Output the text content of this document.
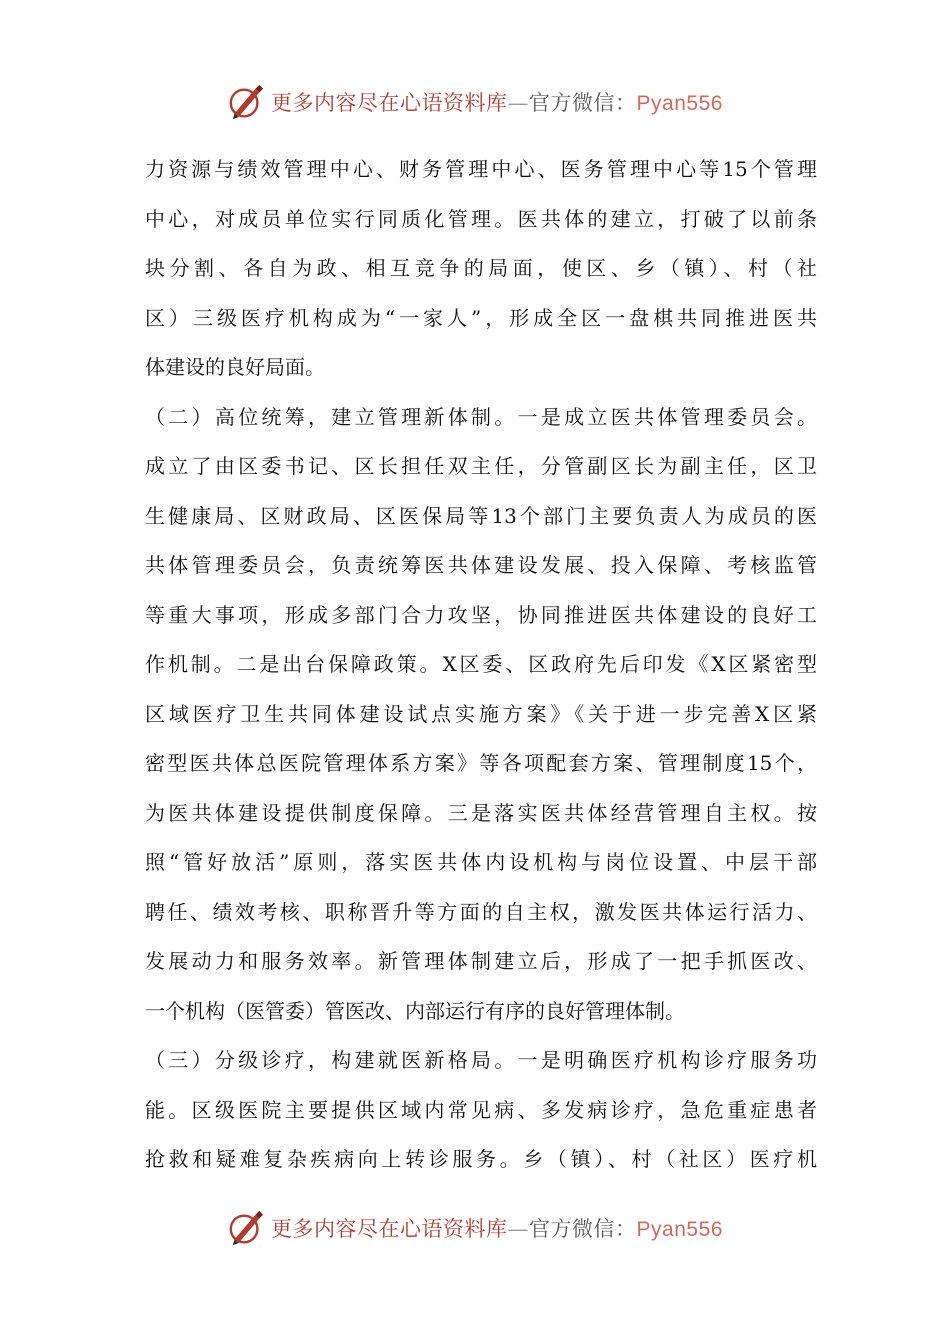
更多内容尽在心语资料库—官方微信：Pyan556
力资源与绩效管理中心、财务管理中心、医务管理中心等15个管理
中心，对成员单位实行同质化管理。医共体的建立，打破了以前条
块分割、各自为政、相互竞争的局面，使区、乡（镇）、村（社
区）三级医疗机构成为“一家人”，形成全区一盘棋共同推进医共
体建设的良好局面。
（二）高位统筹，建立管理新体制。一是成立医共体管理委员会。
成立了由区委书记、区长担任双主任，分管副区长为副主任，区卫
生健康局、区财政局、区医保局等13个部门主要负责人为成员的医
共体管理委员会，负责统筹医共体建设发展、投入保障、考核监管
等重大事项，形成多部门合力攻坚，协同推进医共体建设的良好工
作机制。二是出台保障政策。X区委、区政府先后印发《X区紧密型
区域医疗卫生共同体建设试点实施方案》《关于进一步完善X区紧
密型医共体总医院管理体系方案》等各项配套方案、管理制度15个，
为医共体建设提供制度保障。三是落实医共体经营管理自主权。按
照“管好放活”原则，落实医共体内设机构与岗位设置、中层干部
聘任、绩效考核、职称晋升等方面的自主权，激发医共体运行活力、
发展动力和服务效率。新管理体制建立后，形成了一把手抓医改、
一个机构（医管委）管医改、内部运行有序的良好管理体制。
（三）分级诊疗，构建就医新格局。一是明确医疗机构诊疗服务功
能。区级医院主要提供区域内常见病、多发病诊疗，急危重症患者
抢救和疑难复杂疾病向上转诊服务。乡（镇）、村（社区）医疗机
更多内容尽在心语资料库—官方微信：Pyan556
